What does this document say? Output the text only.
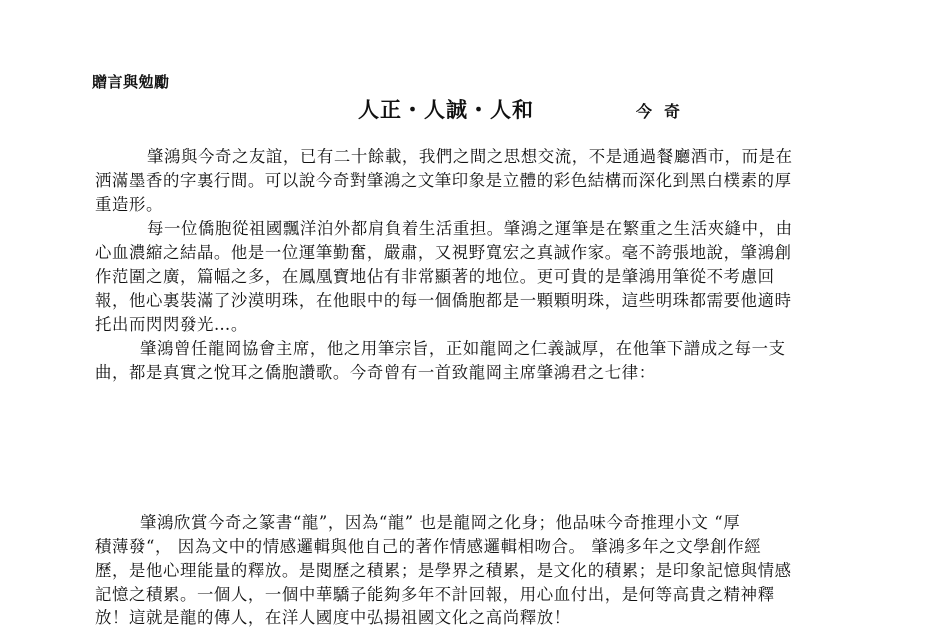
贈言與勉勵
人正・人誠・人和	今奇
肇鴻與今奇之友誼，已有二十餘載，我們之間之思想交流，不是通過餐廳酒市，而是在
洒滿墨香的字裏行間。可以說今奇對肇鴻之文筆印象是立體的彩色結構而深化到黑白樸素的厚
重造形。
每一位僑胞從祖國飄洋泊外都肩負着生活重担。肇鴻之運筆是在繁重之生活夾縫中，由
心血濃縮之結晶。他是一位運筆勤奮，嚴肅，又視野寬宏之真誠作家。毫不誇張地說，肇鴻創
作范圍之廣，篇幅之多，在鳳凰寶地佔有非常顯著的地位。更可貴的是肇鴻用筆從不考慮回
報，他心裏裝滿了沙漠明珠，在他眼中的每一個僑胞都是一顆顆明珠，這些明珠都需要他適時
托出而閃閃發光…。
肇鴻曾任龍岡協會主席，他之用筆宗旨，正如龍岡之仁義誠厚，在他筆下譜成之每一支
曲，都是真實之悅耳之僑胞讚歌。今奇曾有一首致龍岡主席肇鴻君之七律：
肇鴻欣賞今奇之篆書“龍”，因為“龍” 也是龍岡之化身；他品味今奇推理小文 “厚
積薄發“， 因為文中的情感邏輯與他自己的著作情感邏輯相吻合。 肇鴻多年之文學創作經
歷，是他心理能量的釋放。是閱歷之積累；是學界之積累，是文化的積累；是印象記憶與情感
記憶之積累。一個人，一個中華驕子能夠多年不計回報，用心血付出，是何等高貴之精神釋
放！這就是龍的傳人，在洋人國度中弘揚祖國文化之高尚釋放！
